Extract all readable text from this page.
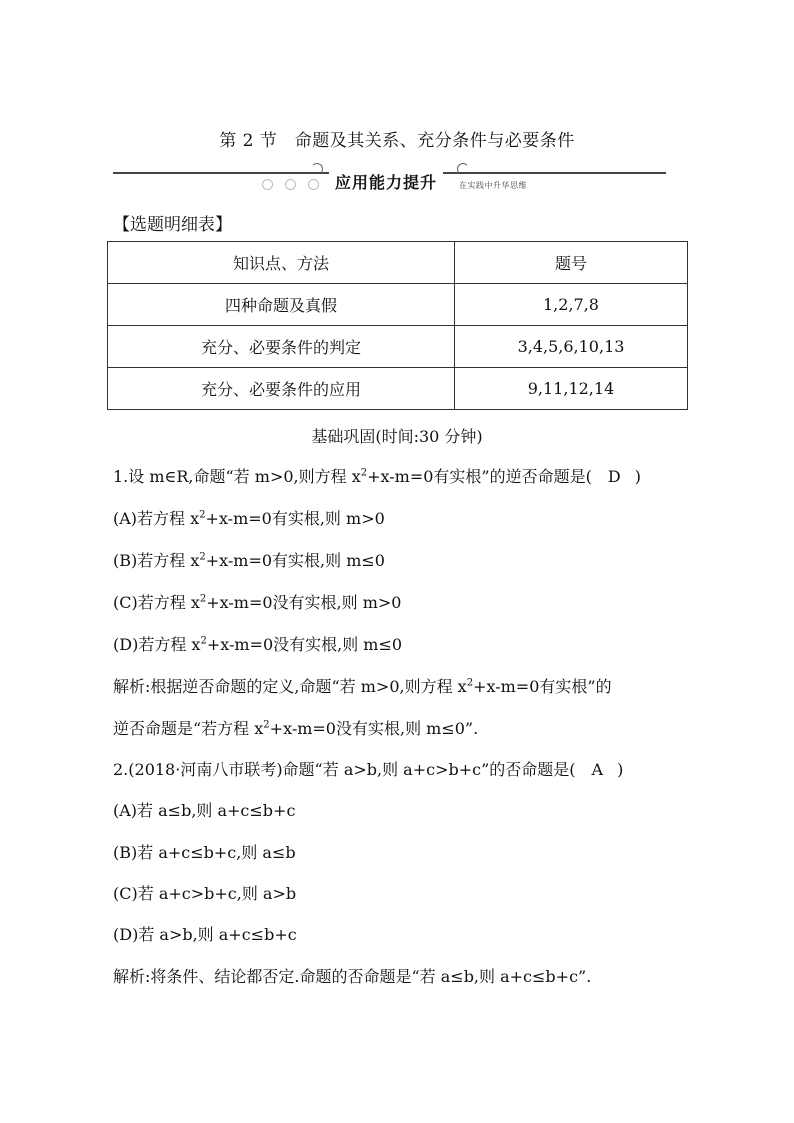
第 2 节　命题及其关系、充分条件与必要条件
应用能力提升	在实践中升华思维
【选题明细表】
知识点、方法	题号
四种命题及真假	1,2,7,8
充分、必要条件的判定	3,4,5,6,10,13
充分、必要条件的应用	9,11,12,14
基础巩固(时间:30 分钟)
1.设 m∈R,命题“若 m>0,则方程 $x^2+x-m=0$有实根”的逆否命题是( D )
(A)若方程 $x^2+x-m=0$有实根,则 m>0
(B)若方程 $x^2+x-m=0$有实根,则 m≤0
(C)若方程 $x^2+x-m=0$没有实根,则 m>0
(D)若方程 $x^2+x-m=0$没有实根,则 m≤0
解析:根据逆否命题的定义,命题“若 m>0,则方程 $x^2+x-m=0$有实根”的
逆否命题是“若方程 $x^2+x-m=0$没有实根,则 m≤0”.
2.(2018·河南八市联考)命题“若 a>b,则 a+c>b+c”的否命题是( A )
(A)若 a≤b,则 a+c≤b+c
(B)若 a+c≤b+c,则 a≤b
(C)若 a+c>b+c,则 a>b
(D)若 a>b,则 a+c≤b+c
解析:将条件、结论都否定.命题的否命题是“若 a≤b,则 a+c≤b+c”.
